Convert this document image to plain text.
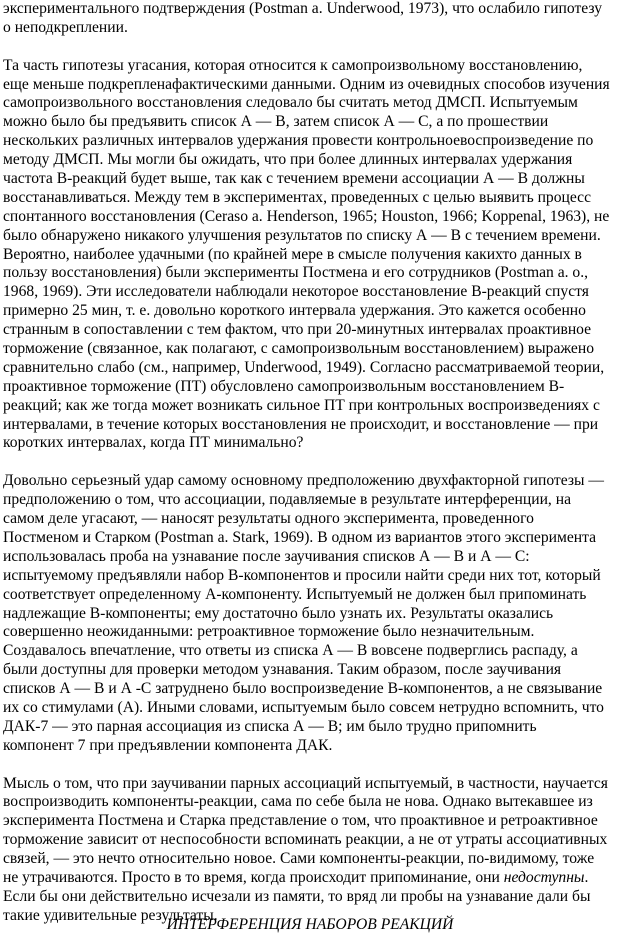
экспериментального подтверждения (Postman a. Underwood, 1973), что ослабило гипотезу
о неподкреплении.
Та часть гипотезы угасания, которая относится к самопроизвольному восстановлению,
еще меньше подкрепленафактическими данными. Одним из очевидных способов изучения
самопроизвольного восстановления следовало бы считать метод ДМСП. Испытуемым
можно было бы предъявить список А — В, затем список А — С, а по прошествии
нескольких различных интервалов удержания провести контрольноевоспроизведение по
методу ДМСП. Мы могли бы ожидать, что при более длинных интервалах удержания
частота В-реакций будет выше, так как с течением времени ассоциации А — В должны
восстанавливаться. Между тем в экспериментах, проведенных с целью выявить процесс
спонтанного восстановления (Ceraso a. Henderson, 1965; Houston, 1966; Koppenal, 1963), не
было обнаружено никакого улучшения результатов по списку А — В с течением времени.
Вероятно, наиболее удачными (по крайней мере в смысле получения какихто данных в
пользу восстановления) были эксперименты Постмена и его сотрудников (Postman a. о.,
1968, 1969). Эти исследователи наблюдали некоторое восстановление В-реакций спустя
примерно 25 мин, т. е. довольно короткого интервала удержания. Это кажется особенно
странным в сопоставлении с тем фактом, что при 20-минутных интервалах проактивное
торможение (связанное, как полагают, с самопроизвольным восстановлением) выражено
сравнительно слабо (см., например, Underwood, 1949). Согласно рассматриваемой теории,
проактивное торможение (ПТ) обусловлено самопроизвольным восстановлением В-
реакций; как же тогда может возникать сильное ПТ при контрольных воспроизведениях с
интервалами, в течение которых восстановления не происходит, и восстановление — при
коротких интервалах, когда ПТ минимально?
Довольно серьезный удар самому основному предположению двухфакторной гипотезы —
предположению о том, что ассоциации, подавляемые в результате интерференции, на
самом деле угасают, — наносят результаты одного эксперимента, проведенного
Постменом и Старком (Postman a. Stark, 1969). В одном из вариантов этого эксперимента
использовалась проба на узнавание после заучивания списков А — В и А — С:
испытуемому предъявляли набор В-компонентов и просили найти среди них тот, который
соответствует определенному А-компоненту. Испытуемый не должен был припоминать
надлежащие В-компоненты; ему достаточно было узнать их. Результаты оказались
совершенно неожиданными: ретроактивное торможение было незначительным.
Создавалось впечатление, что ответы из списка А — В вовсене подверглись распаду, а
были доступны для проверки методом узнавания. Таким образом, после заучивания
списков А — В и А -С затруднено было воспроизведение В-компонентов, а не связывание
их со стимулами (А). Иными словами, испытуемым было совсем нетрудно вспомнить, что
ДАК-7 — это парная ассоциация из списка А — В; им было трудно припомнить
компонент 7 при предъявлении компонента ДАК.
Мысль о том, что при заучивании парных ассоциаций испытуемый, в частности, научается
воспроизводить компоненты-реакции, сама по себе была не нова. Однако вытекавшее из
эксперимента Постмена и Старка представление о том, что проактивное и ретроактивное
торможение зависит от неспособности вспоминать реакции, а не от утраты ассоциативных
связей, — это нечто относительно новое. Сами компоненты-реакции, по-видимому, тоже
не утрачиваются. Просто в то время, когда происходит припоминание, они недоступны.
Если бы они действительно исчезали из памяти, то вряд ли пробы на узнавание дали бы
такие удивительные результаты.
ИНТЕРФЕРЕНЦИЯ НАБОРОВ РЕАКЦИЙ
